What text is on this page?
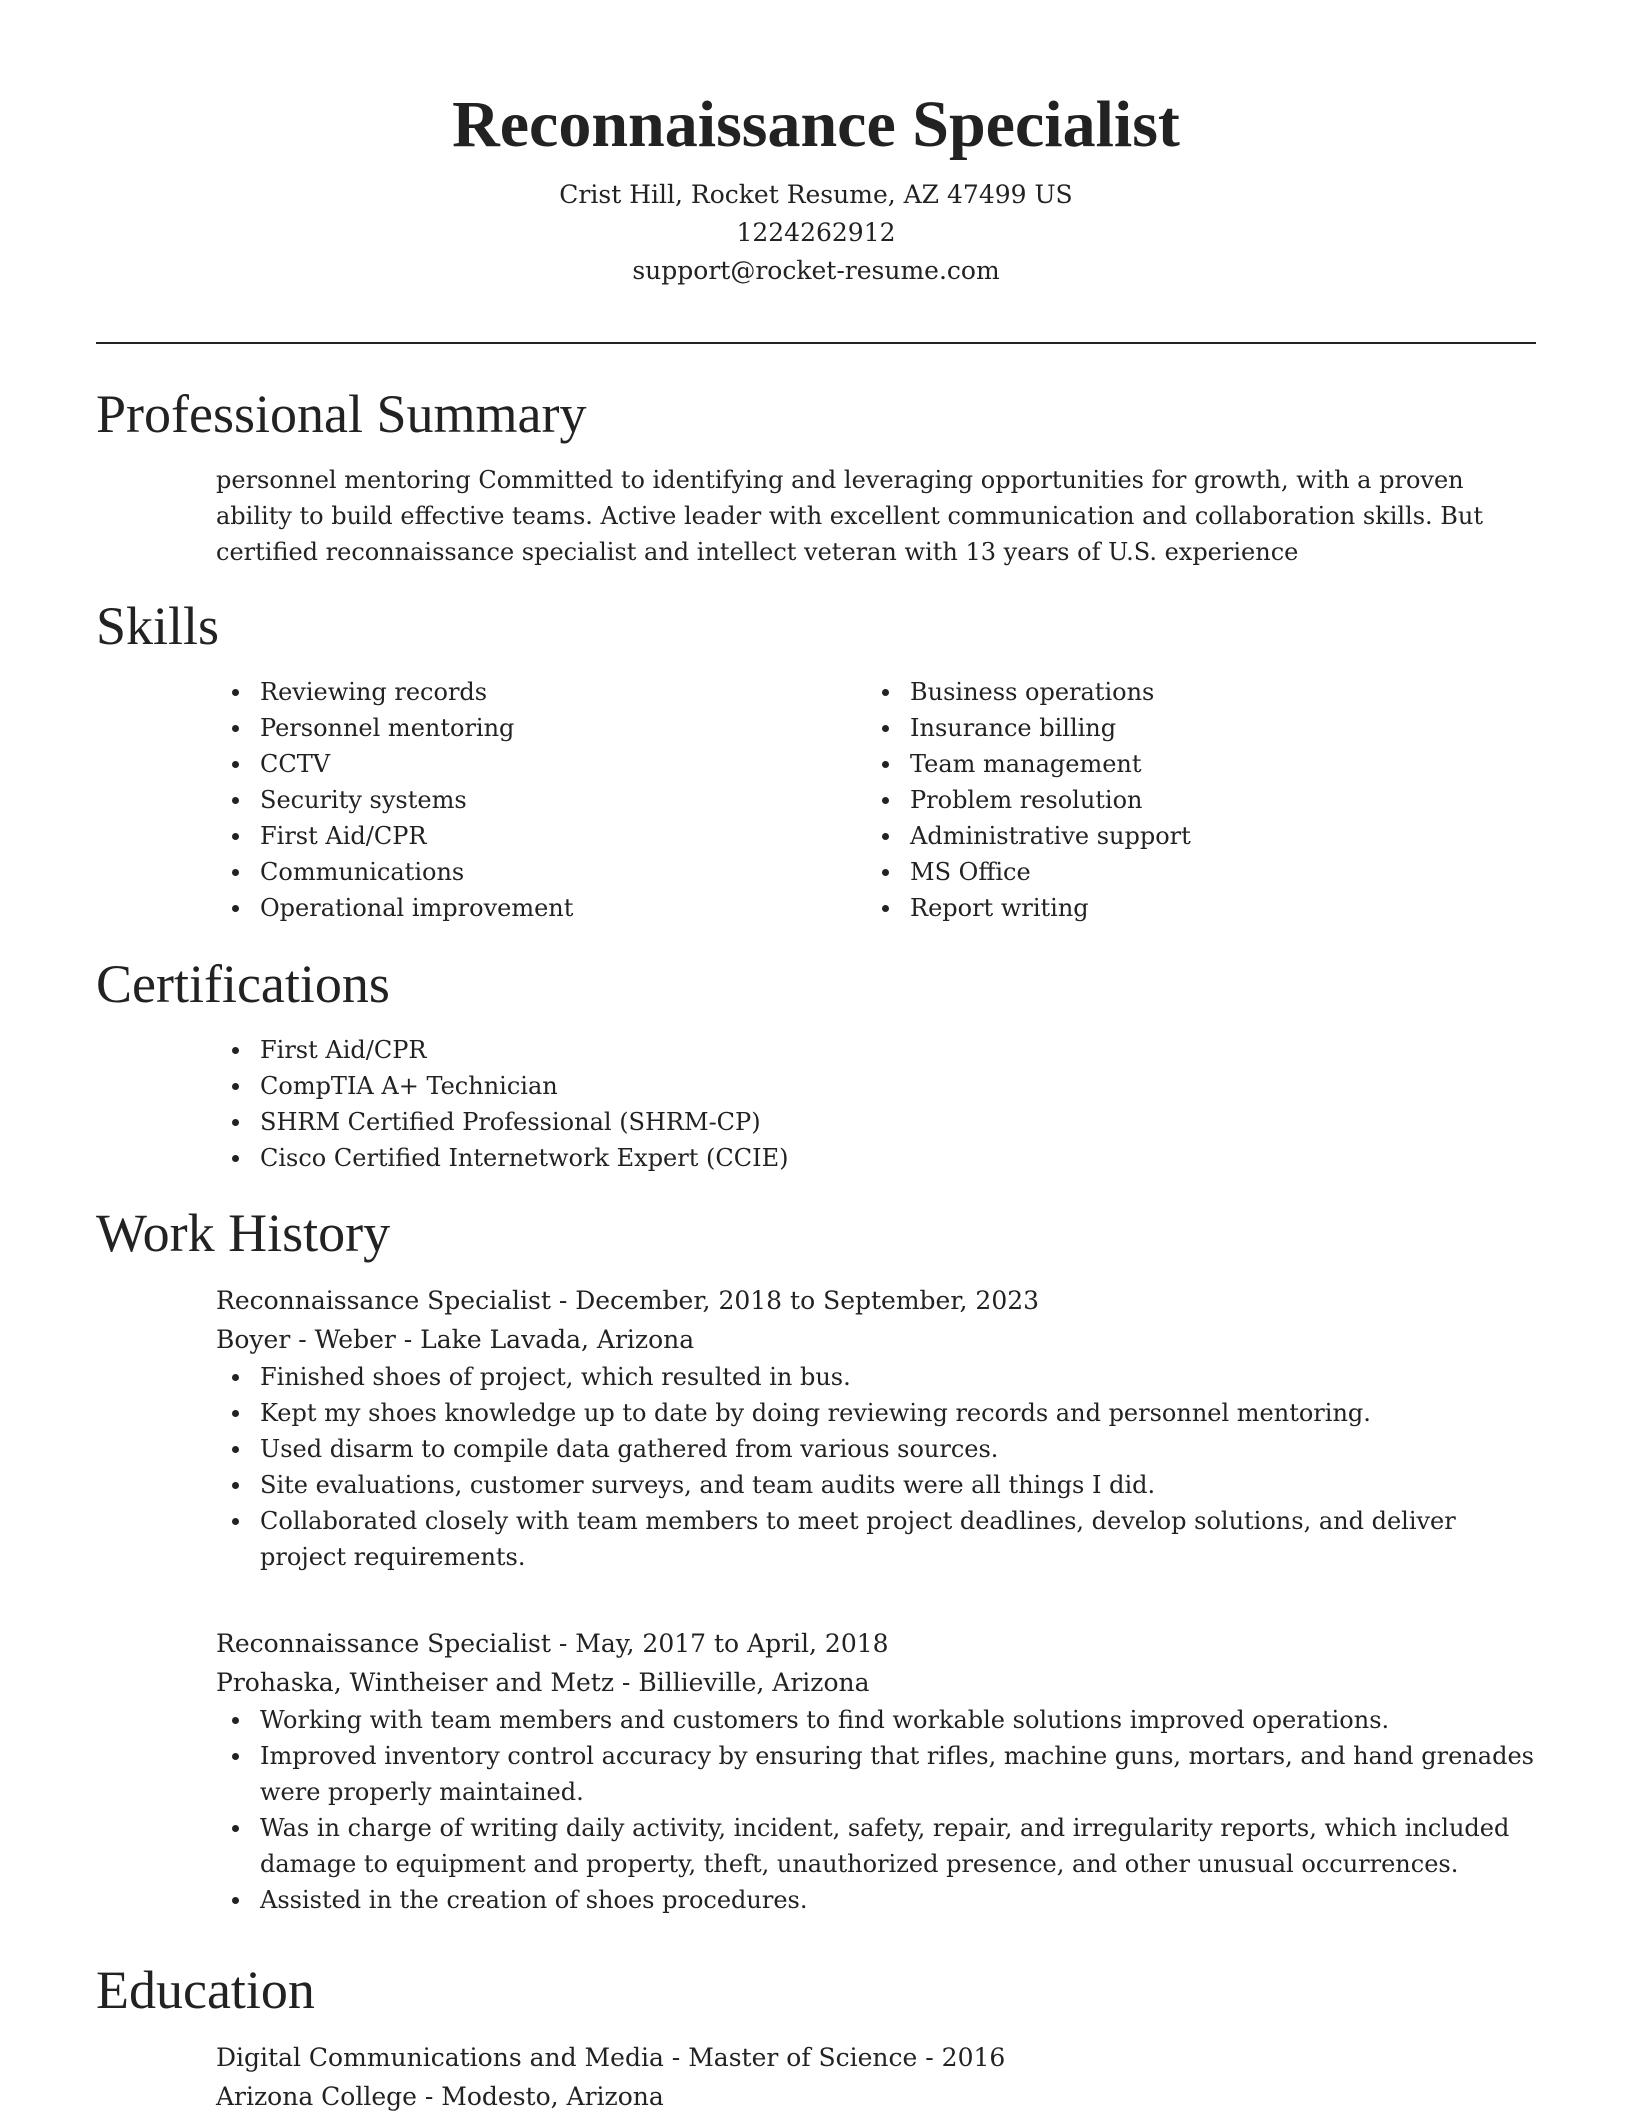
Reconnaissance Specialist
Crist Hill, Rocket Resume, AZ 47499 US
1224262912
support@rocket-resume.com
Professional Summary
personnel mentoring Committed to identifying and leveraging opportunities for growth, with a proven ability to build effective teams. Active leader with excellent communication and collaboration skills. But certified reconnaissance specialist and intellect veteran with 13 years of U.S. experience
Skills
Reviewing records
Personnel mentoring
CCTV
Security systems
First Aid/CPR
Communications
Operational improvement
Business operations
Insurance billing
Team management
Problem resolution
Administrative support
MS Office
Report writing
Certifications
First Aid/CPR
CompTIA A+ Technician
SHRM Certified Professional (SHRM-CP)
Cisco Certified Internetwork Expert (CCIE)
Work History
Reconnaissance Specialist - December, 2018 to September, 2023
Boyer - Weber - Lake Lavada, Arizona
Finished shoes of project, which resulted in bus.
Kept my shoes knowledge up to date by doing reviewing records and personnel mentoring.
Used disarm to compile data gathered from various sources.
Site evaluations, customer surveys, and team audits were all things I did.
Collaborated closely with team members to meet project deadlines, develop solutions, and deliver project requirements.
Reconnaissance Specialist - May, 2017 to April, 2018
Prohaska, Wintheiser and Metz - Billieville, Arizona
Working with team members and customers to find workable solutions improved operations.
Improved inventory control accuracy by ensuring that rifles, machine guns, mortars, and hand grenades were properly maintained.
Was in charge of writing daily activity, incident, safety, repair, and irregularity reports, which included damage to equipment and property, theft, unauthorized presence, and other unusual occurrences.
Assisted in the creation of shoes procedures.
Education
Digital Communications and Media - Master of Science - 2016
Arizona College - Modesto, Arizona
